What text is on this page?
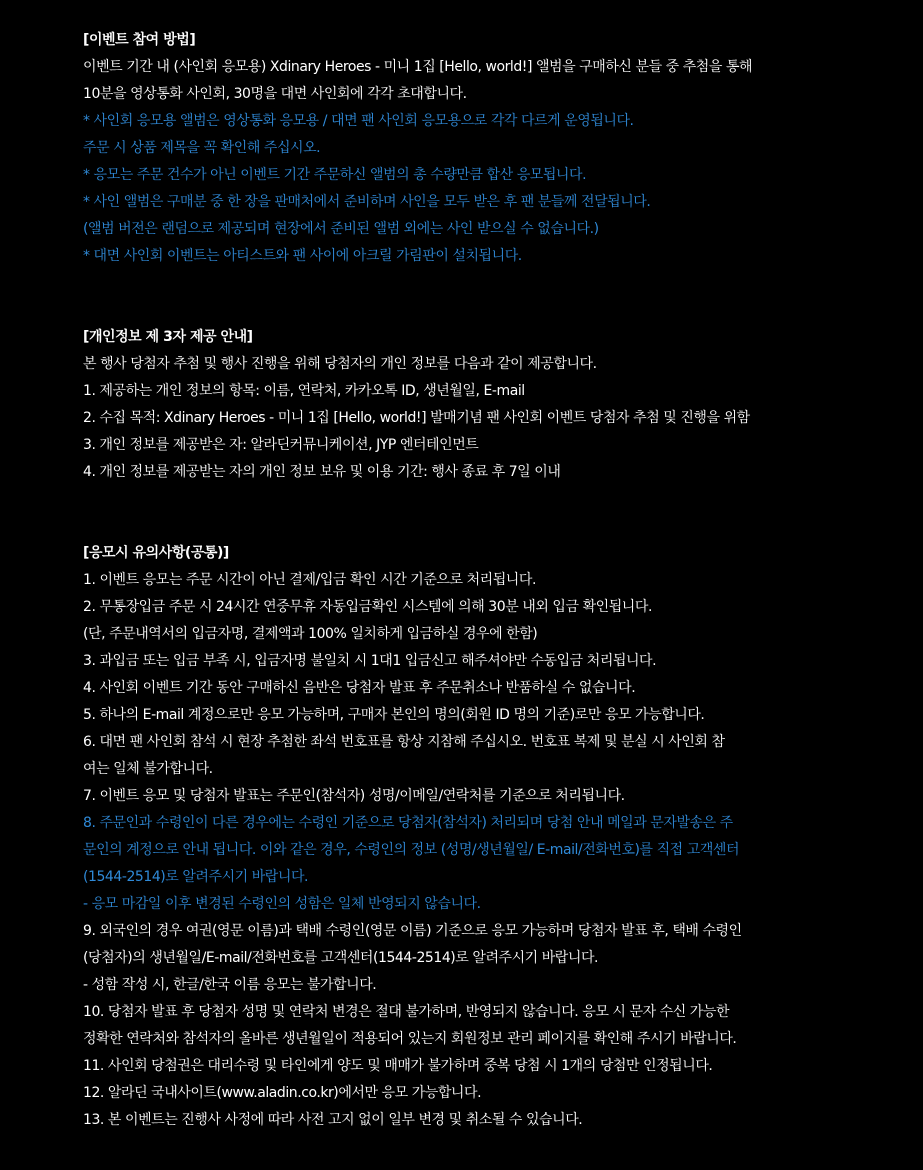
[이벤트 참여 방법]
이벤트 기간 내 (사인회 응모용) Xdinary Heroes - 미니 1집 [Hello, world!] 앨범을 구매하신 분들 중 추첨을 통해
10분을 영상통화 사인회, 30명을 대면 사인회에 각각 초대합니다.
* 사인회 응모용 앨범은 영상통화 응모용 / 대면 팬 사인회 응모용으로 각각 다르게 운영됩니다.
주문 시 상품 제목을 꼭 확인해 주십시오.
* 응모는 주문 건수가 아닌 이벤트 기간 주문하신 앨범의 총 수량만큼 합산 응모됩니다.
* 사인 앨범은 구매분 중 한 장을 판매처에서 준비하며 사인을 모두 받은 후 팬 분들께 전달됩니다.
(앨범 버전은 랜덤으로 제공되며 현장에서 준비된 앨범 외에는 사인 받으실 수 없습니다.)
* 대면 사인회 이벤트는 아티스트와 팬 사이에 아크릴 가림판이 설치됩니다.
[개인정보 제 3자 제공 안내]
본 행사 당첨자 추첨 및 행사 진행을 위해 당첨자의 개인 정보를 다음과 같이 제공합니다.
1. 제공하는 개인 정보의 항목: 이름, 연락처, 카카오톡 ID, 생년월일, E-mail
2. 수집 목적: Xdinary Heroes - 미니 1집 [Hello, world!] 발매기념 팬 사인회 이벤트 당첨자 추첨 및 진행을 위함
3. 개인 정보를 제공받은 자: 알라딘커뮤니케이션, JYP 엔터테인먼트
4. 개인 정보를 제공받는 자의 개인 정보 보유 및 이용 기간: 행사 종료 후 7일 이내
[응모시 유의사항(공통)]
1. 이벤트 응모는 주문 시간이 아닌 결제/입금 확인 시간 기준으로 처리됩니다.
2. 무통장입금 주문 시 24시간 연중무휴 자동입금확인 시스템에 의해 30분 내외 입금 확인됩니다.
(단, 주문내역서의 입금자명, 결제액과 100% 일치하게 입금하실 경우에 한함)
3. 과입금 또는 입금 부족 시, 입금자명 불일치 시 1대1 입금신고 해주셔야만 수동입금 처리됩니다.
4. 사인회 이벤트 기간 동안 구매하신 음반은 당첨자 발표 후 주문취소나 반품하실 수 없습니다.
5. 하나의 E-mail 계정으로만 응모 가능하며, 구매자 본인의 명의(회원 ID 명의 기준)로만 응모 가능합니다.
6. 대면 팬 사인회 참석 시 현장 추첨한 좌석 번호표를 항상 지참해 주십시오. 번호표 복제 및 분실 시 사인회 참
여는 일체 불가합니다.
7. 이벤트 응모 및 당첨자 발표는 주문인(참석자) 성명/이메일/연락처를 기준으로 처리됩니다.
8. 주문인과 수령인이 다른 경우에는 수령인 기준으로 당첨자(참석자) 처리되며 당첨 안내 메일과 문자발송은 주
문인의 계정으로 안내 됩니다. 이와 같은 경우, 수령인의 정보 (성명/생년월일/ E-mail/전화번호)를 직접 고객센터
(1544-2514)로 알려주시기 바랍니다.
- 응모 마감일 이후 변경된 수령인의 성함은 일체 반영되지 않습니다.
9. 외국인의 경우 여권(영문 이름)과 택배 수령인(영문 이름) 기준으로 응모 가능하며 당첨자 발표 후, 택배 수령인
(당첨자)의 생년월일/E-mail/전화번호를 고객센터(1544-2514)로 알려주시기 바랍니다.
- 성함 작성 시, 한글/한국 이름 응모는 불가합니다.
10. 당첨자 발표 후 당첨자 성명 및 연락처 변경은 절대 불가하며, 반영되지 않습니다. 응모 시 문자 수신 가능한
정확한 연락처와 참석자의 올바른 생년월일이 적용되어 있는지 회원정보 관리 페이지를 확인해 주시기 바랍니다.
11. 사인회 당첨권은 대리수령 및 타인에게 양도 및 매매가 불가하며 중복 당첨 시 1개의 당첨만 인정됩니다.
12. 알라딘 국내사이트(www.aladin.co.kr)에서만 응모 가능합니다.
13. 본 이벤트는 진행사 사정에 따라 사전 고지 없이 일부 변경 및 취소될 수 있습니다.
